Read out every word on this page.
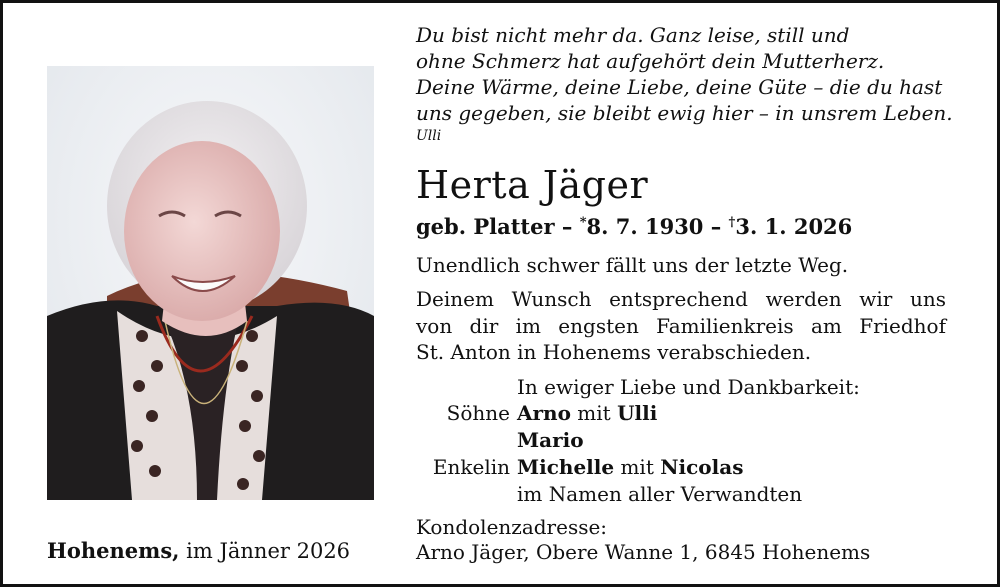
Hohenems, im Jänner 2026
Du bist nicht mehr da. Ganz leise, still und
ohne Schmerz hat aufgehört dein Mutterherz.
Deine Wärme, deine Liebe, deine Güte – die du hast
uns gegeben, sie bleibt ewig hier – in unsrem Leben.
Ulli
Herta Jäger
geb. Platter – *8. 7. 1930 – †3. 1. 2026
Unendlich schwer fällt uns der letzte Weg.
Deinem Wunsch entsprechend werden wir uns
von dir im engsten Familienkreis am Friedhof
St. Anton in Hohenems verabschieden.
In ewiger Liebe und Dankbarkeit:
Söhne Arno mit Ulli
Mario
Enkelin Michelle mit Nicolas
im Namen aller Verwandten
Kondolenzadresse:
Arno Jäger, Obere Wanne 1, 6845 Hohenems
